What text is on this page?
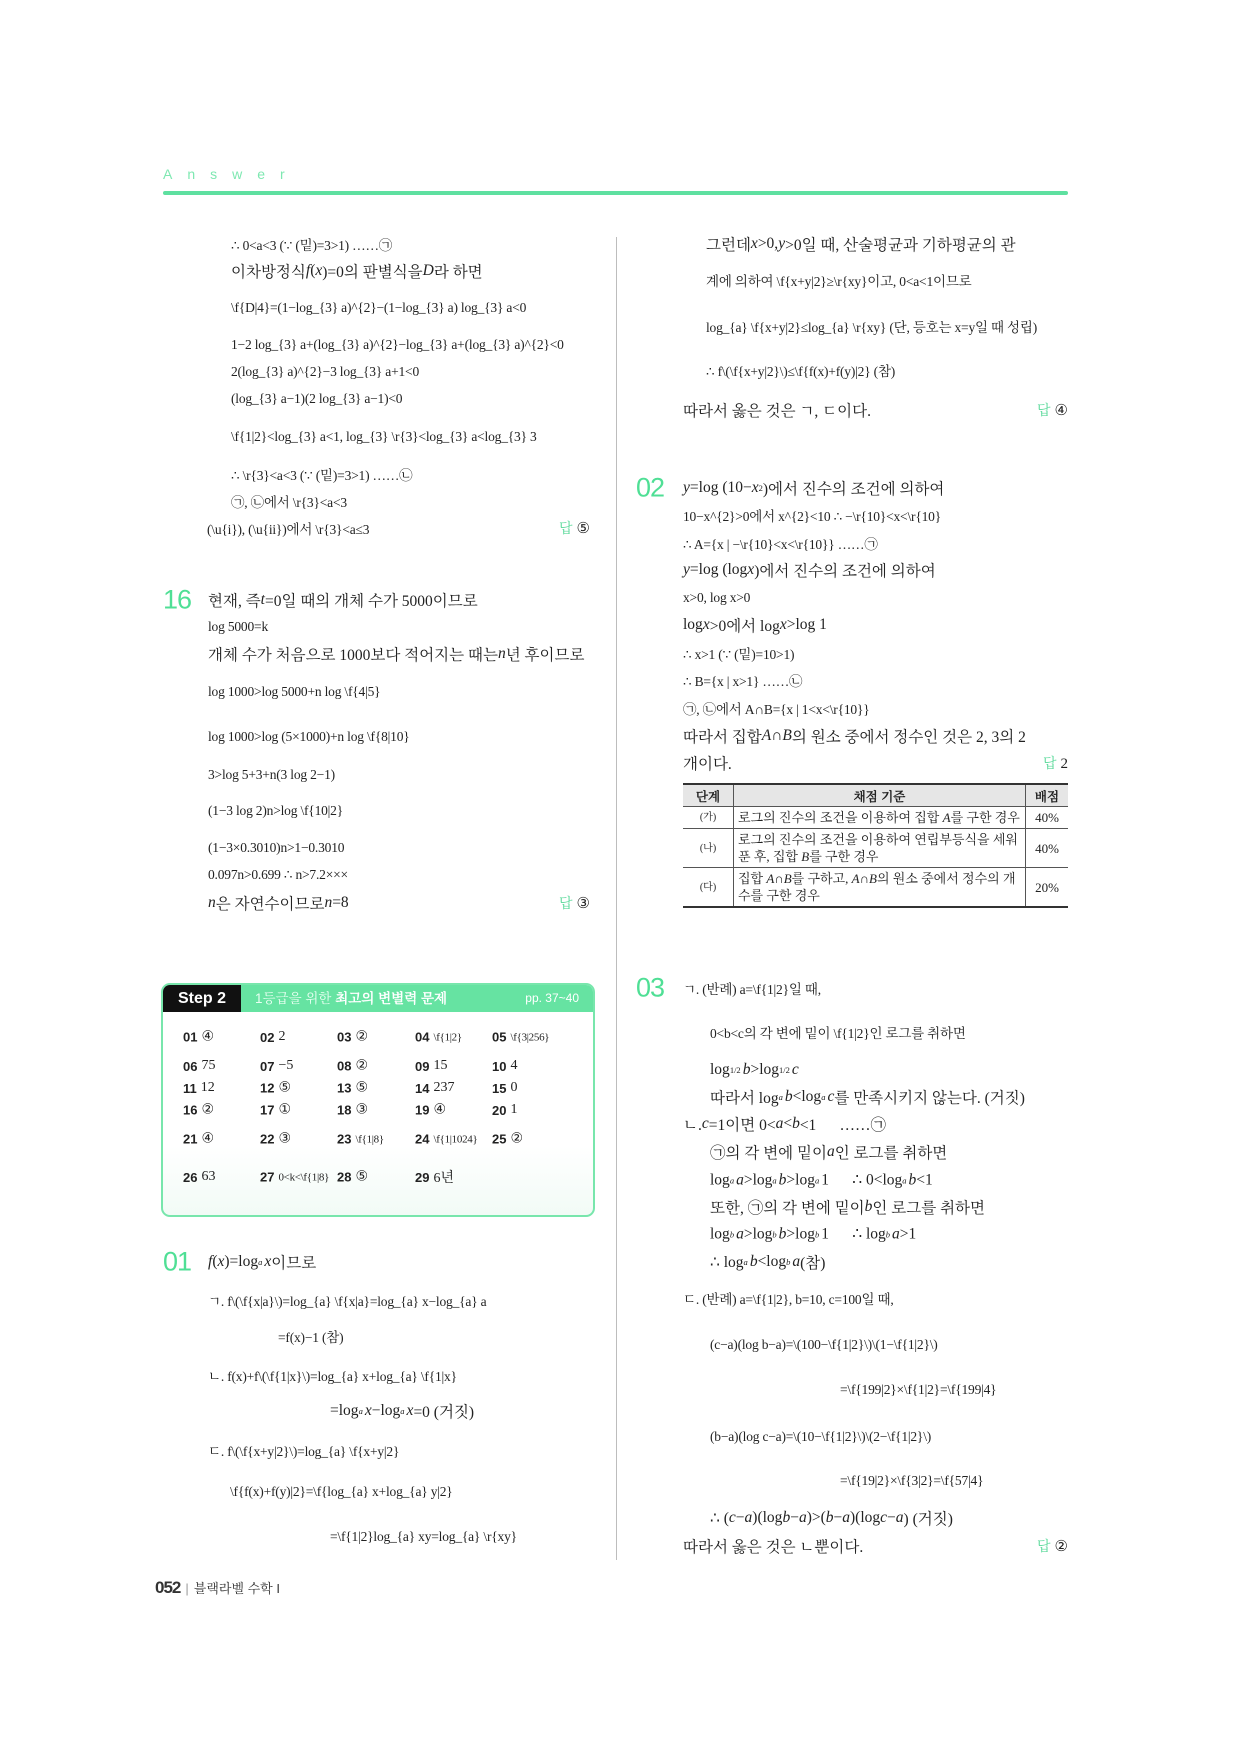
Answer
∴ 0<a<3 (∵ (밑)=3>1) ……㉠
이차방정식 f ( x )=0의 판별식을 D 라 하면
\f{D|4}=(1−log_{3} a)^{2}−(1−log_{3} a) log_{3} a<0
1−2 log_{3} a+(log_{3} a)^{2}−log_{3} a+(log_{3} a)^{2}<0
2(log_{3} a)^{2}−3 log_{3} a+1<0
(log_{3} a−1)(2 log_{3} a−1)<0
\f{1|2}<log_{3} a<1, log_{3} \r{3}<log_{3} a<log_{3} 3
∴ \r{3}<a<3 (∵ (밑)=3>1) ……㉡
㉠, ㉡에서 \r{3}<a<3
(\u{i}), (\u{ii})에서 \r{3}<a≤3	답 ⑤
16 현재, 즉 t =0일 때의 개체 수가 5000이므로
log 5000=k
개체 수가 처음으로 1000보다 적어지는 때는 n 년 후이므로
log 1000>log 5000+n log \f{4|5}
log 1000>log (5×1000)+n log \f{8|10}
3>log 5+3+n(3 log 2−1)
(1−3 log 2)n>log \f{10|2}
(1−3×0.3010)n>1−0.3010
0.097n>0.699 ∴ n>7.2×××
n 은 자연수이므로 n =8	답 ③
01 f ( x )=log a x 이므로
ㄱ. f\(\f{x|a}\)=log_{a} \f{x|a}=log_{a} x−log_{a} a
=f(x)−1 (참)
ㄴ. f(x)+f\(\f{1|x}\)=log_{a} x+log_{a} \f{1|x}
=log a x −log a x =0 (거짓)
ㄷ. f\(\f{x+y|2}\)=log_{a} \f{x+y|2}
\f{f(x)+f(y)|2}=\f{log_{a} x+log_{a} y|2}
=\f{1|2}log_{a} xy=log_{a} \r{xy}
그런데 x >0, y >0일 때, 산술평균과 기하평균의 관
계에 의하여 \f{x+y|2}≥\r{xy}이고, 0<a<1이므로
log_{a} \f{x+y|2}≤log_{a} \r{xy} (단, 등호는 x=y일 때 성립)
∴ f\(\f{x+y|2}\)≤\f{f(x)+f(y)|2} (참)
따라서 옳은 것은 ㄱ, ㄷ이다.	답 ④
02 y =log (10− x 2 )에서 진수의 조건에 의하여
10−x^{2}>0에서 x^{2}<10 ∴ −\r{10}<x<\r{10}
∴ A={x | −\r{10}<x<\r{10}} ……㉠
y =log (log x )에서 진수의 조건에 의하여
x>0, log x>0
log x >0에서 log x >log 1
∴ x>1 (∵ (밑)=10>1)
∴ B={x | x>1} ……㉡
㉠, ㉡에서 A∩B={x | 1<x<\r{10}}
따라서 집합 A ∩ B 의 원소 중에서 정수인 것은 2, 3의 2
개이다.	답 2
03 ㄱ. (반례) a=\f{1|2}일 때,
0<b<c의 각 변에 밑이 \f{1|2}인 로그를 취하면
log 1/2 b >log 1/2 c
따라서 log a b <log a c 를 만족시키지 않는다. (거짓)
ㄴ. c =1이면 0< a < b <1      ……㉠
㉠의 각 변에 밑이 a 인 로그를 취하면
log a a >log a b >log a 1      ∴ 0<log a b <1
또한, ㉠의 각 변에 밑이 b 인 로그를 취하면
log b a >log b b >log b 1      ∴ log b a >1
∴ log a b <log b a (참)
ㄷ. (반례) a=\f{1|2}, b=10, c=100일 때,
(c−a)(log b−a)=\(100−\f{1|2}\)\(1−\f{1|2}\)
=\f{199|2}×\f{1|2}=\f{199|4}
(b−a)(log c−a)=\(10−\f{1|2}\)\(2−\f{1|2}\)
=\f{19|2}×\f{3|2}=\f{57|4}
∴ ( c − a )(log b − a )>( b − a )(log c − a ) (거짓)
따라서 옳은 것은 ㄴ뿐이다.	답 ②
Step 2	1등급을 위한 최고의 변별력 문제	pp. 37~40
01 ④	02 2	03 ②	04 \f{1|2} 05 \f{3|256}
06 75	07 −5	08 ②	09 15	10 4
11 12	12 ⑤	13 ⑤	14 237	15 0
16 ②	17 ①	18 ③	19 ④	20 1
21 ④	22 ③	23 \f{1|8} 24 \f{1|1024} 25 ②
26 63	27 0<k<\f{1|8} 28 ⑤	29 6년
단계	채점 기준	배점
(가)	로그의 진수의 조건을 이용하여 집합 A를 구한 경우	40%
(나)	로그의 진수의 조건을 이용하여 연립부등식을 세워 푼 후, 집합 B를 구한 경우	40%
(다)	집합 A∩B를 구하고, A∩B의 원소 중에서 정수의 개수를 구한 경우	20%
052 | 블랙라벨 수학 I
